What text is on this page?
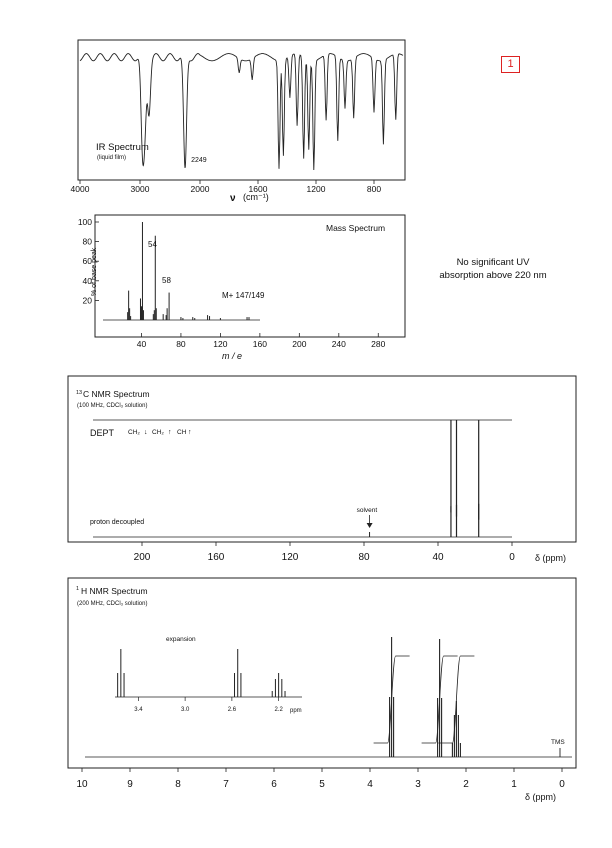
1
No significant UV
absorption above 220 nm
4000	3000	2000	1600	1200	800
IR Spectrum
(liquid film)	2249
ν (cm⁻¹)
Mass Spectrum
% of base peak
40	80	120	160	200	240	280
20
40
60
80
100
54
58
M+ 147/149
m / e
13 C NMR Spectrum
(100 MHz, CDCl₃ solution)
DEPT CH₂ ↓ CH₂ ↑ CH ↑
proton decoupled
solvent
200	160	120	80	40	0 δ (ppm)
1 H NMR Spectrum
(200 MHz, CDCl₃ solution)
TMS
expansion
3.4	3.0	2.6	2.2 ppm
10	9	8	7	6	5	4	3	2	1	0
δ (ppm)
